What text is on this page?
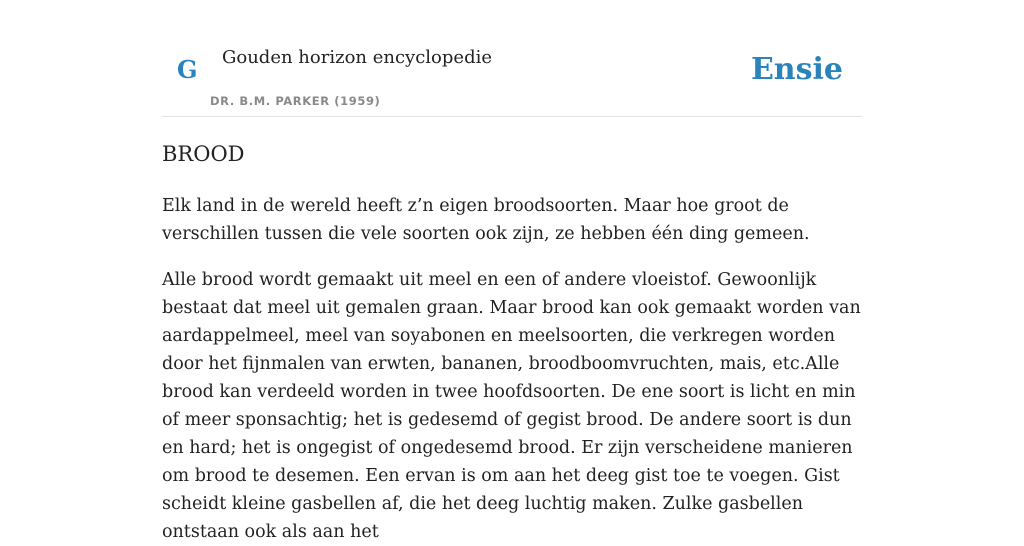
G Gouden horizon encyclopedie
DR. B.M. PARKER (1959)
Ensie
BROOD

Elk land in de wereld heeft z’n eigen broodsoorten. Maar hoe groot de verschillen tussen die vele soorten ook zijn, ze hebben één ding gemeen.

Alle brood wordt gemaakt uit meel en een of andere vloeistof. Gewoonlijk bestaat dat meel uit gemalen graan. Maar brood kan ook gemaakt worden van aardappelmeel, meel van soyabonen en meelsoorten, die verkregen worden door het fijnmalen van erwten, bananen, broodboomvruchten, mais, etc.Alle brood kan verdeeld worden in twee hoofdsoorten. De ene soort is licht en min of meer sponsachtig; het is gedesemd of gegist brood. De andere soort is dun en hard; het is ongegist of ongedesemd brood. Er zijn verscheidene manieren om brood te desemen. Een ervan is om aan het deeg gist toe te voegen. Gist scheidt kleine gasbellen af, die het deeg luchtig maken. Zulke gasbellen ontstaan ook als aan het
